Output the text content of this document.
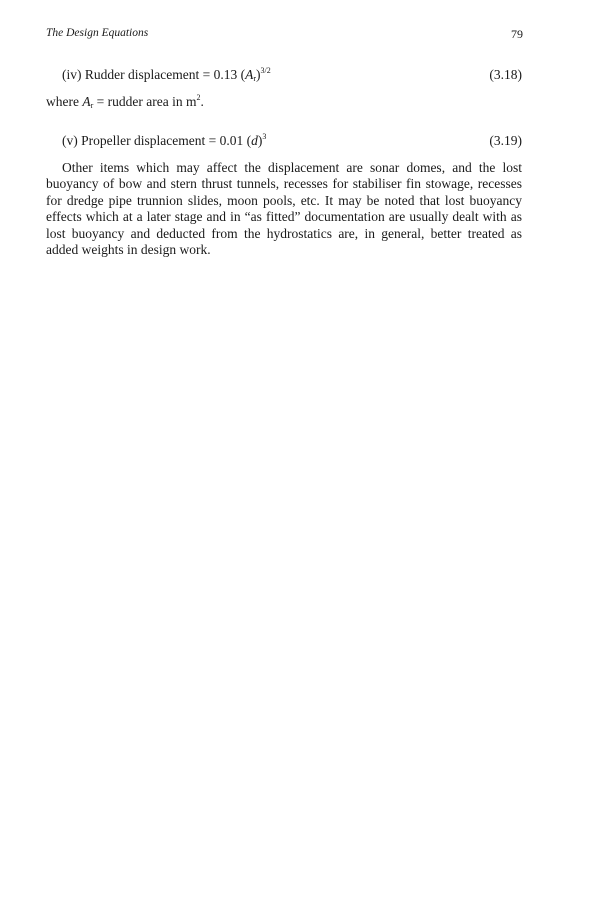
The Design Equations	79
(iv) Rudder displacement = 0.13 $(A_r)^{3/2}$	(3.18)
where $A_r$ = rudder area in $m^2$.
(v) Propeller displacement = 0.01 $(d)^3$	(3.19)

Other items which may affect the displacement are sonar domes, and the lost buoyancy of bow and stern thrust tunnels, recesses for stabiliser fin stowage, recesses for dredge pipe trunnion slides, moon pools, etc. It may be noted that lost buoyancy effects which at a later stage and in “as fitted” documentation are usually dealt with as lost buoyancy and deducted from the hydrostatics are, in general, better treated as added weights in design work.
